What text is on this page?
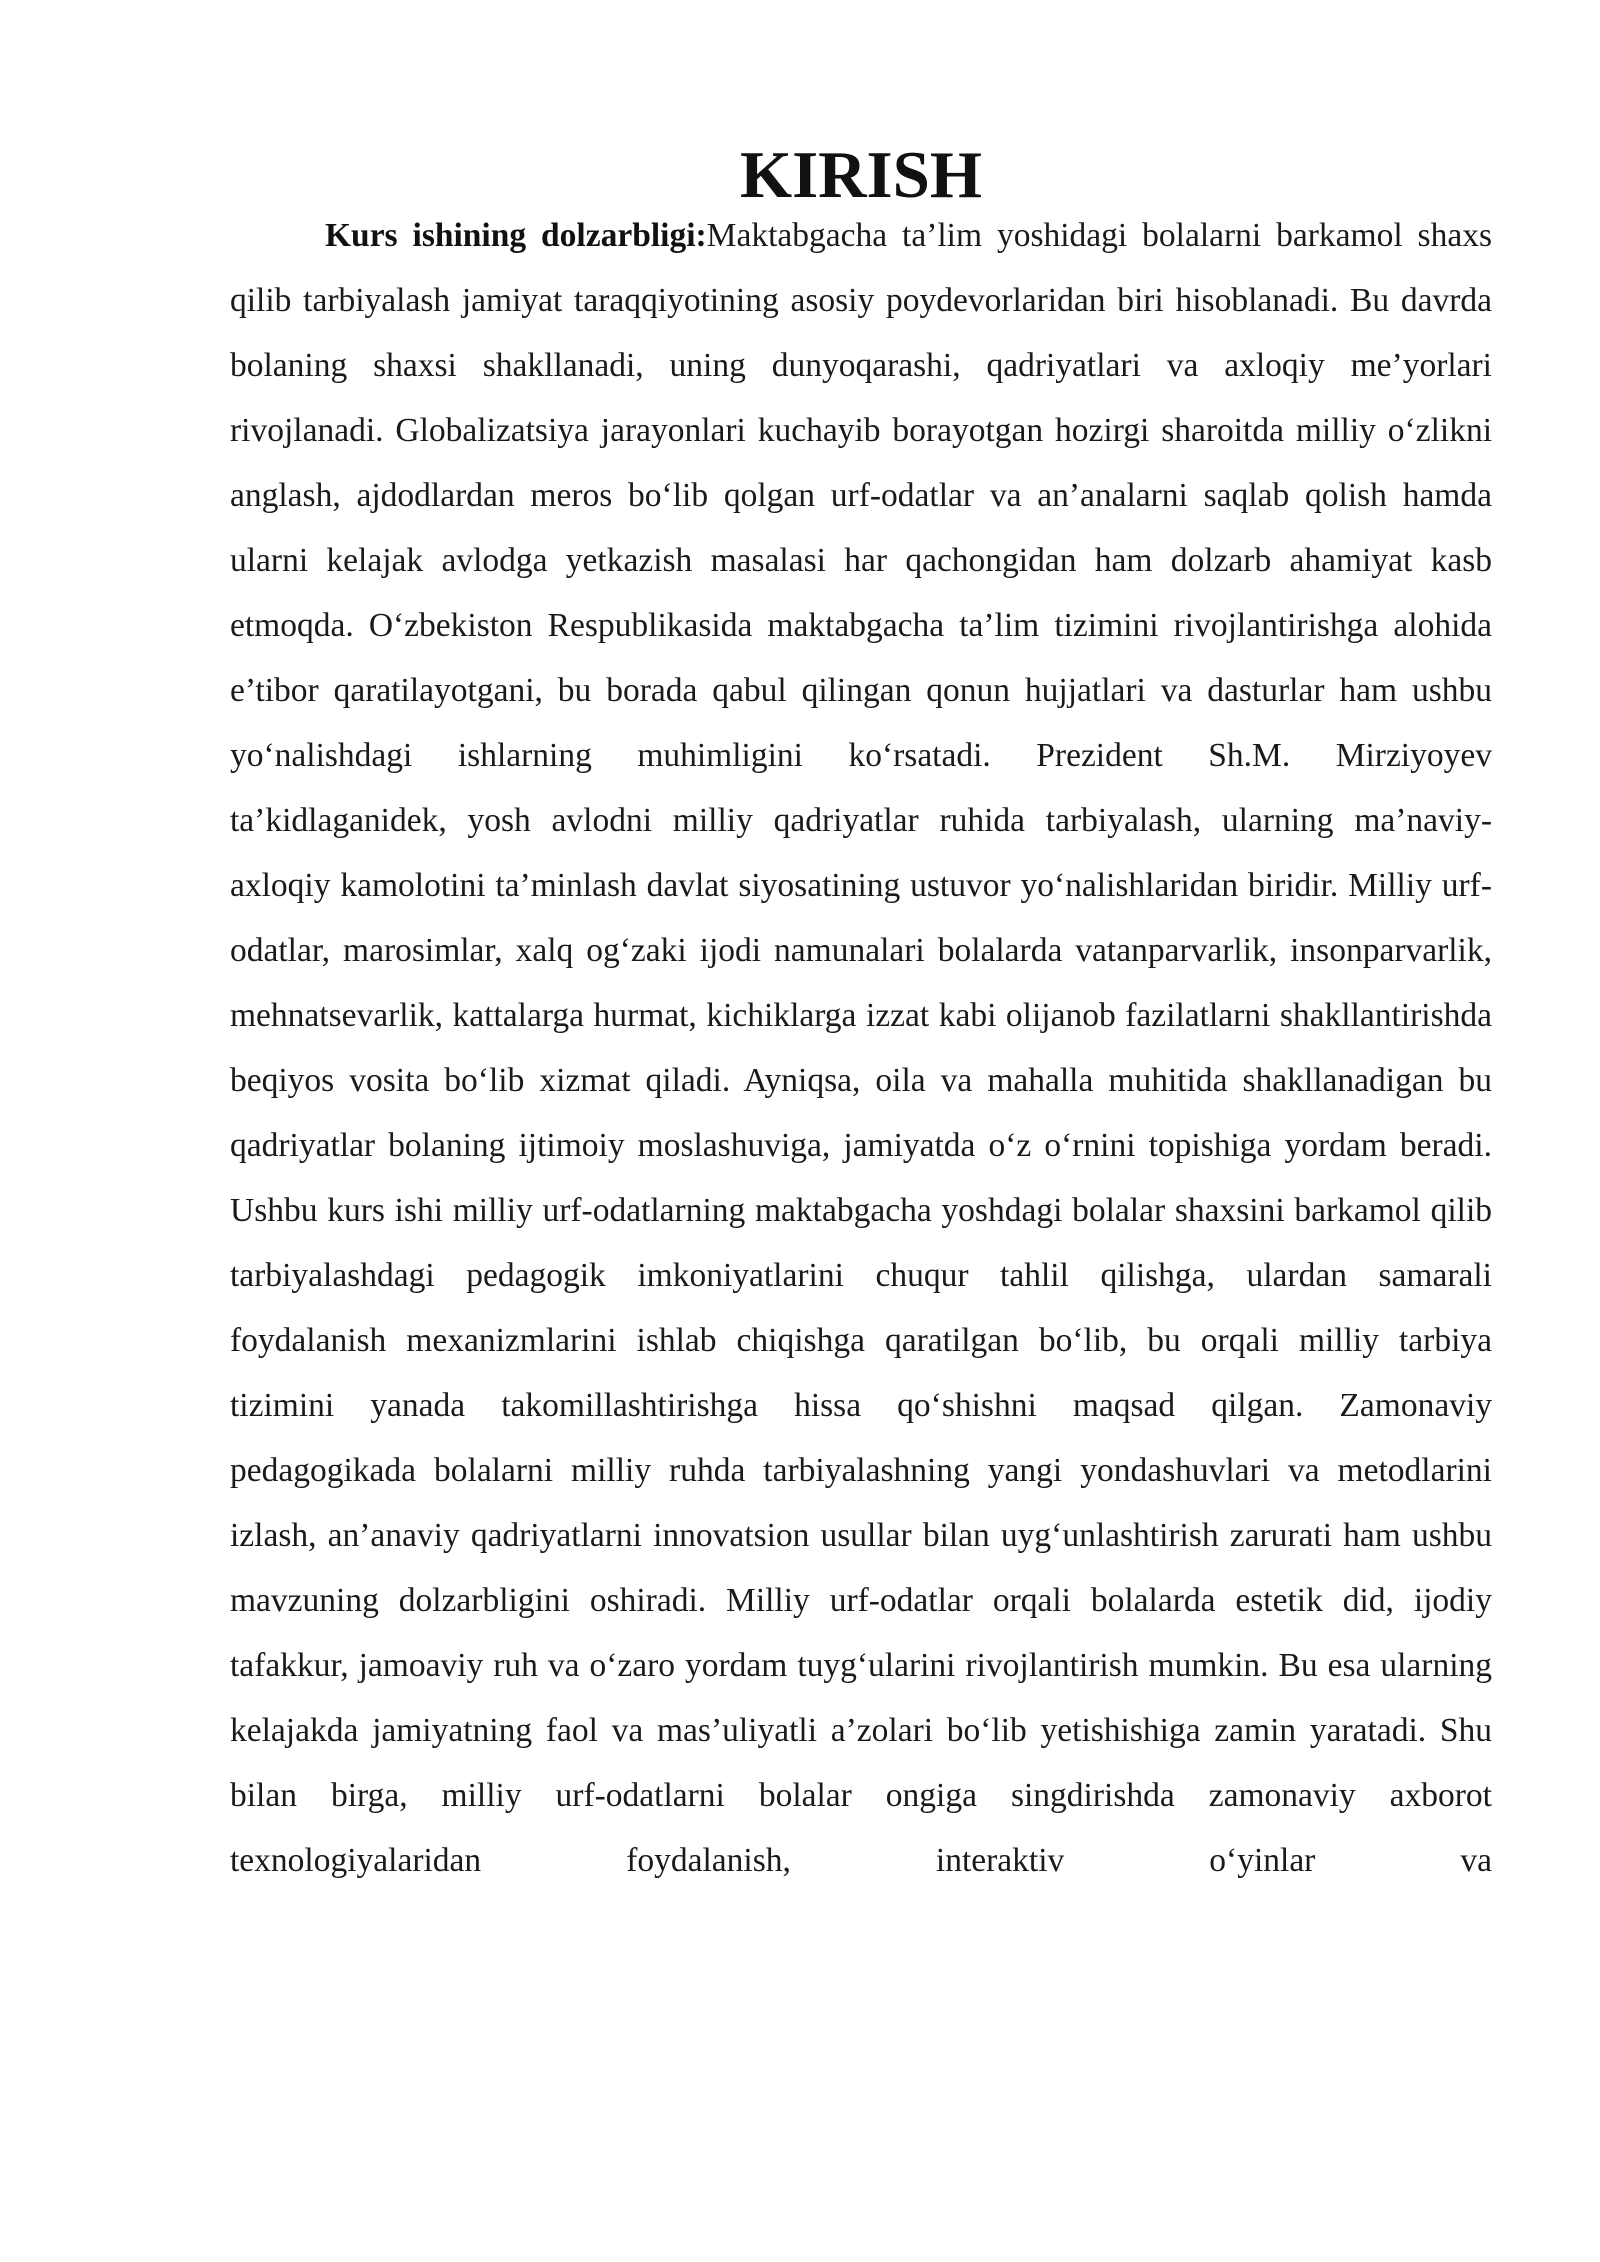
KIRISH

Kurs ishining dolzarbligi:Maktabgacha ta’lim yoshidagi bolalarni barkamol shaxs qilib tarbiyalash jamiyat taraqqiyotining asosiy poydevorlaridan biri hisoblanadi. Bu davrda bolaning shaxsi shakllanadi, uning dunyoqarashi, qadriyatlari va axloqiy me’yorlari rivojlanadi. Globalizatsiya jarayonlari kuchayib borayotgan hozirgi sharoitda milliy o‘zlikni anglash, ajdodlardan meros bo‘lib qolgan urf-odatlar va an’analarni saqlab qolish hamda ularni kelajak avlodga yetkazish masalasi har qachongidan ham dolzarb ahamiyat kasb etmoqda. O‘zbekiston Respublikasida maktabgacha ta’lim tizimini rivojlantirishga alohida e’tibor qaratilayotgani, bu borada qabul qilingan qonun hujjatlari va dasturlar ham ushbu yo‘nalishdagi ishlarning muhimligini ko‘rsatadi. Prezident Sh.M. Mirziyoyev ta’kidlaganidek, yosh avlodni milliy qadriyatlar ruhida tarbiyalash, ularning ma’naviy-axloqiy kamolotini ta’minlash davlat siyosatining ustuvor yo‘nalishlaridan biridir. Milliy urf-odatlar, marosimlar, xalq og‘zaki ijodi namunalari bolalarda vatanparvarlik, insonparvarlik, mehnatsevarlik, kattalarga hurmat, kichiklarga izzat kabi olijanob fazilatlarni shakllantirishda beqiyos vosita bo‘lib xizmat qiladi. Ayniqsa, oila va mahalla muhitida shakllanadigan bu qadriyatlar bolaning ijtimoiy moslashuviga, jamiyatda o‘z o‘rnini topishiga yordam beradi. Ushbu kurs ishi milliy urf-odatlarning maktabgacha yoshdagi bolalar shaxsini barkamol qilib tarbiyalashdagi pedagogik imkoniyatlarini chuqur tahlil qilishga, ulardan samarali foydalanish mexanizmlarini ishlab chiqishga qaratilgan bo‘lib, bu orqali milliy tarbiya tizimini yanada takomillashtirishga hissa qo‘shishni maqsad qilgan. Zamonaviy pedagogikada bolalarni milliy ruhda tarbiyalashning yangi yondashuvlari va metodlarini izlash, an’anaviy qadriyatlarni innovatsion usullar bilan uyg‘unlashtirish zarurati ham ushbu mavzuning dolzarbligini oshiradi. Milliy urf-odatlar orqali bolalarda estetik did, ijodiy tafakkur, jamoaviy ruh va o‘zaro yordam tuyg‘ularini rivojlantirish mumkin. Bu esa ularning kelajakda jamiyatning faol va mas’uliyatli a’zolari bo‘lib yetishishiga zamin yaratadi. Shu bilan birga, milliy urf-odatlarni bolalar ongiga singdirishda zamonaviy axborot texnologiyalaridan foydalanish, interaktiv o‘yinlar va
